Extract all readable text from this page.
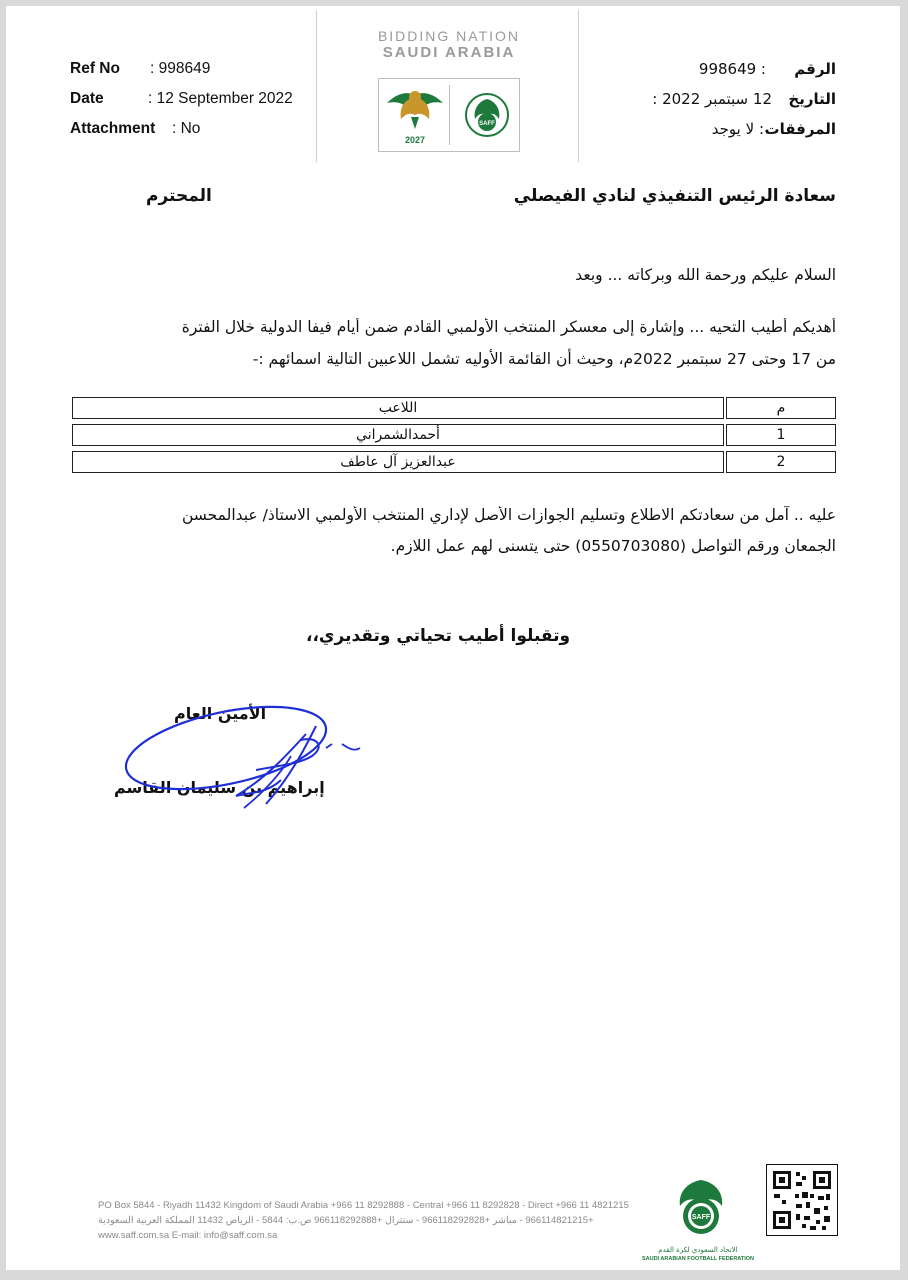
Ref No : 998649
Date	: 12 September 2022
Attachment : No
BIDDING NATION
SAUDI ARABIA
2027
SAFF
الرقم
998649 :
التاريخ
12 سبتمبر 2022 :
المرفقات
: لا يوجد
سعادة الرئيس التنفيذي لنادي الفيصلي
المحترم
السلام عليكم ورحمة الله وبركاته ... وبعد
أهديكم أطيب التحيه ... وإشارة إلى معسكر المنتخب الأولمبي القادم ضمن أيام فيفا الدولية خلال الفترة
من 17 وحتى 27 سبتمبر 2022م، وحيث أن القائمة الأوليه تشمل اللاعبين التالية اسمائهم :-
م
اللاعب
1
أحمدالشمراني
2
عبدالعزيز آل عاطف
عليه .. آمل من سعادتكم الاطلاع وتسليم الجوازات الأصل لإداري المنتخب الأولمبي الاستاذ/ عبدالمحسن
الجمعان ورقم التواصل (0550703080) حتى يتسنى لهم عمل اللازم.
وتقبلوا أطيب تحياتي وتقديري،،
الأمين العام
إبراهيم بن سليمان القاسم
PO Box 5844 - Riyadh 11432 Kingdom of Saudi Arabia +966 11 8292888 - Central +966 11 8292828 - Direct +966 11 4821215
+966114821215 - مباشر +966118292828 - سنترال +966118292888 ص.ب: 5844 - الرياض 11432 المملكة العربية السعودية
www.saff.com.sa E-mail: info@saff.com.sa
SAFF
الاتحاد السعودي لكرة القدم
SAUDI ARABIAN FOOTBALL FEDERATION
